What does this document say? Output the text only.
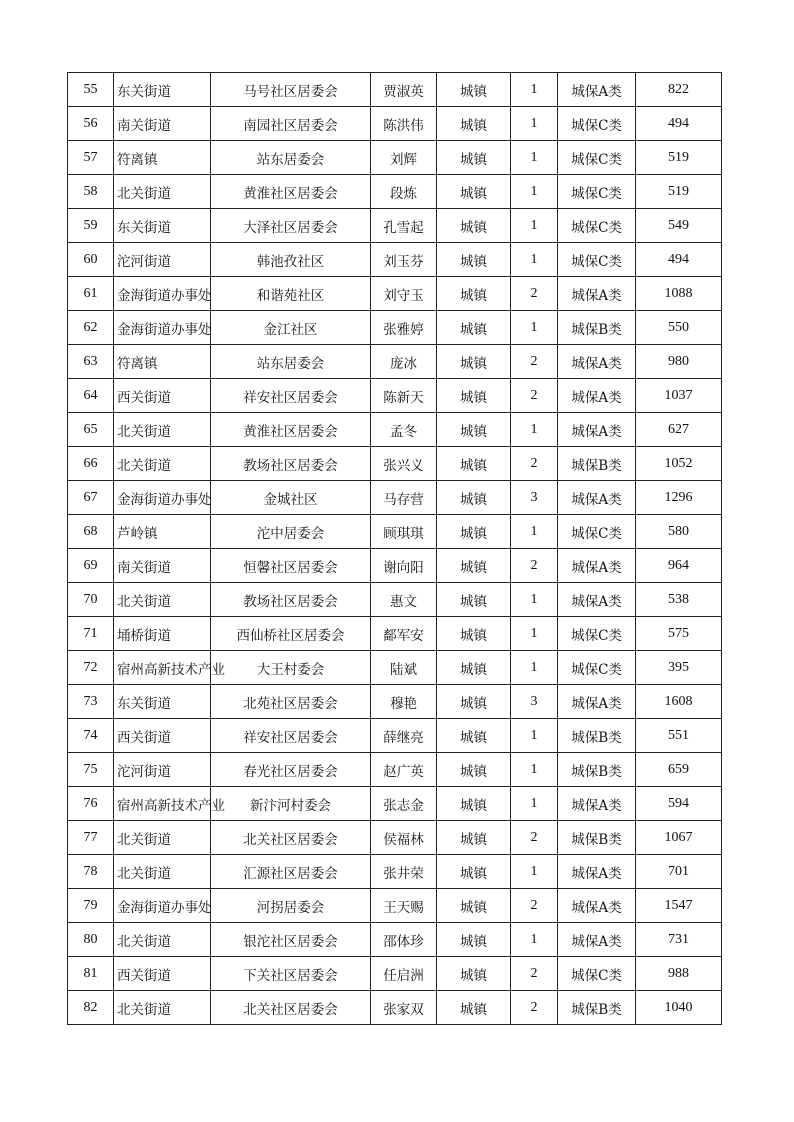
55	东关街道	马号社区居委会	贾淑英	城镇	1	城保A类	822
56	南关街道	南园社区居委会	陈洪伟	城镇	1	城保C类	494
57	符离镇	站东居委会	刘辉	城镇	1	城保C类	519
58	北关街道	黄淮社区居委会	段炼	城镇	1	城保C类	519
59	东关街道	大泽社区居委会	孔雪起	城镇	1	城保C类	549
60	沱河街道	韩池孜社区	刘玉芬	城镇	1	城保C类	494
61	金海街道办事处	和谐苑社区	刘守玉	城镇	2	城保A类	1088
62	金海街道办事处	金江社区	张雅婷	城镇	1	城保B类	550
63	符离镇	站东居委会	庞冰	城镇	2	城保A类	980
64	西关街道	祥安社区居委会	陈新天	城镇	2	城保A类	1037
65	北关街道	黄淮社区居委会	孟冬	城镇	1	城保A类	627
66	北关街道	教场社区居委会	张兴义	城镇	2	城保B类	1052
67	金海街道办事处	金城社区	马存营	城镇	3	城保A类	1296
68	芦岭镇	沱中居委会	顾琪琪	城镇	1	城保C类	580
69	南关街道	恒馨社区居委会	谢向阳	城镇	2	城保A类	964
70	北关街道	教场社区居委会	惠文	城镇	1	城保A类	538
71	埇桥街道	西仙桥社区居委会	鄐军安	城镇	1	城保C类	575
72	宿州高新技术产业	大王村委会	陆斌	城镇	1	城保C类	395
73	东关街道	北苑社区居委会	穆艳	城镇	3	城保A类	1608
74	西关街道	祥安社区居委会	薛继亮	城镇	1	城保B类	551
75	沱河街道	春光社区居委会	赵广英	城镇	1	城保B类	659
76	宿州高新技术产业	新汴河村委会	张志金	城镇	1	城保A类	594
77	北关街道	北关社区居委会	侯福林	城镇	2	城保B类	1067
78	北关街道	汇源社区居委会	张井荣	城镇	1	城保A类	701
79	金海街道办事处	河拐居委会	王天赐	城镇	2	城保A类	1547
80	北关街道	银沱社区居委会	邵体珍	城镇	1	城保A类	731
81	西关街道	下关社区居委会	任启洲	城镇	2	城保C类	988
82	北关街道	北关社区居委会	张家双	城镇	2	城保B类	1040
